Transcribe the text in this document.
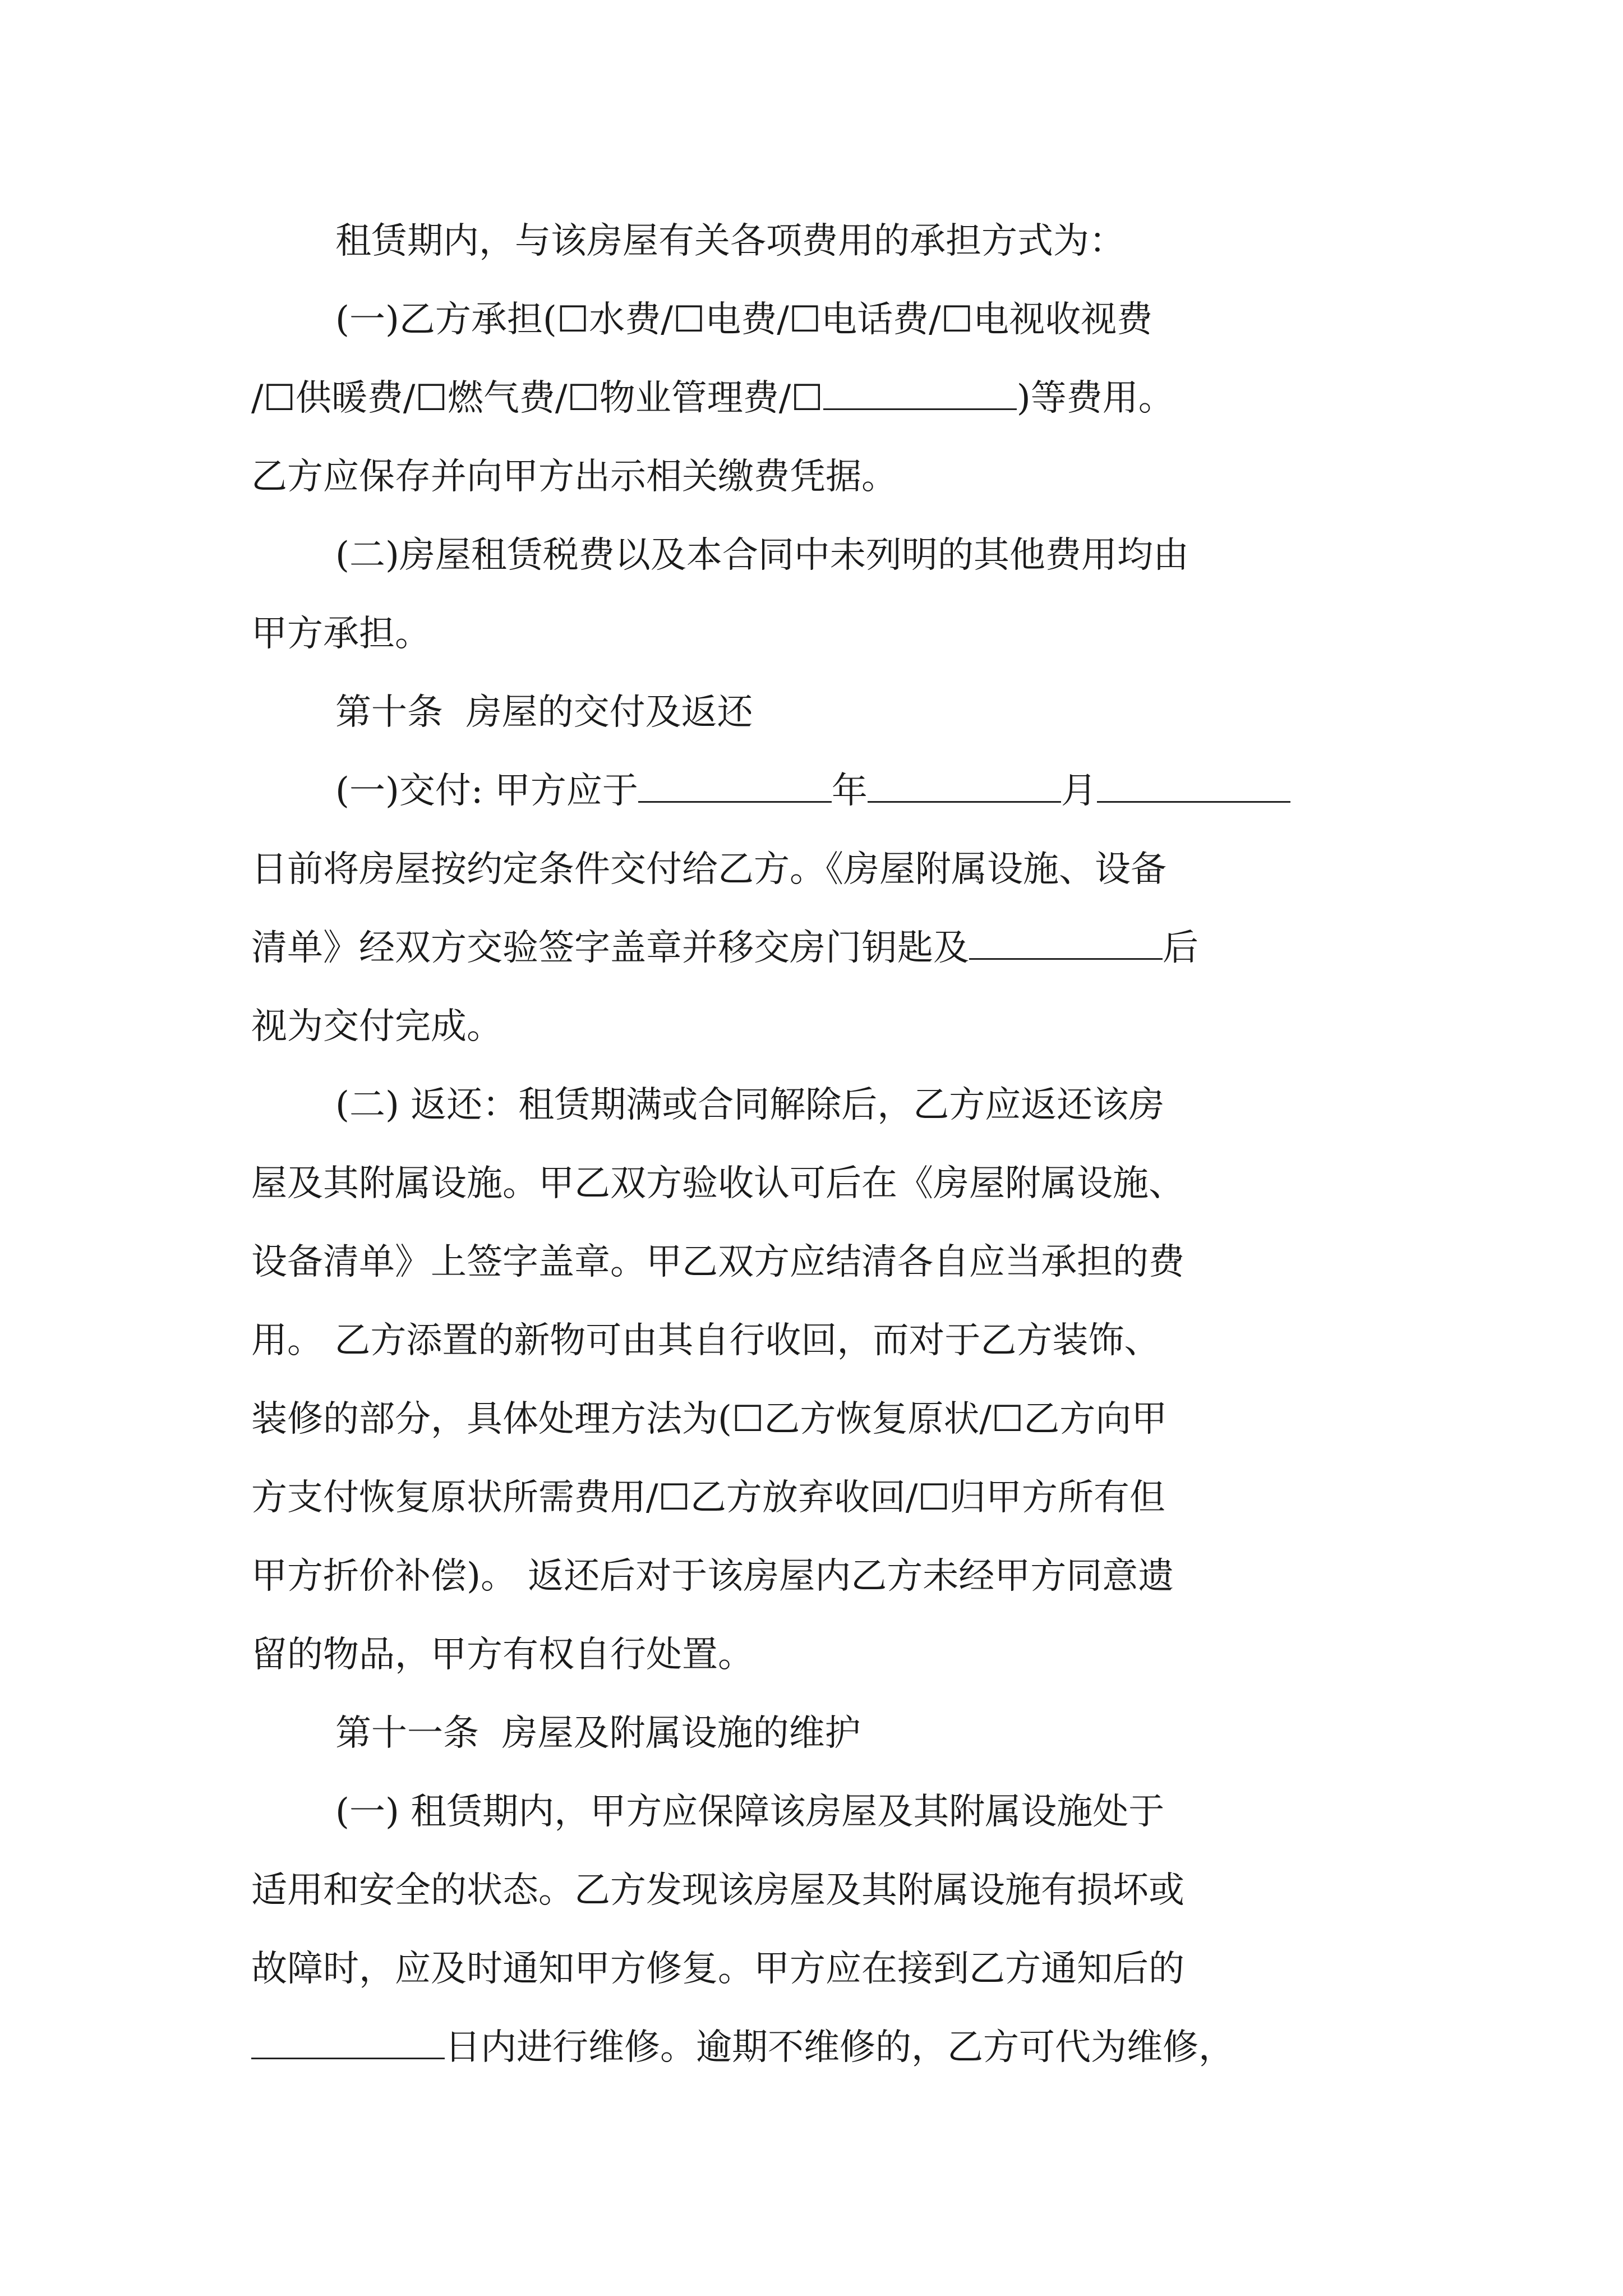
租赁期内，与该房屋有关各项费用的承担方式为：
(一)乙方承担(☐水费/☐电费/☐电话费/☐电视收视费
/☐供暖费/☐燃气费/☐物业管理费/☐	)等费用。
乙方应保存并向甲方出示相关缴费凭据。
(二)房屋租赁税费以及本合同中未列明的其他费用均由
甲方承担。
第十条  房屋的交付及返还
(一)交付: 甲方应于	年	月
日前将房屋按约定条件交付给乙方。《房屋附属设施、设备
清单》经双方交验签字盖章并移交房门钥匙及	后
视为交付完成。
(二) 返还：租赁期满或合同解除后，乙方应返还该房
屋及其附属设施。甲乙双方验收认可后在《房屋附属设施、
设备清单》上签字盖章。甲乙双方应结清各自应当承担的费
用。 乙方添置的新物可由其自行收回，而对于乙方装饰、
装修的部分，具体处理方法为(☐乙方恢复原状/☐乙方向甲
方支付恢复原状所需费用/☐乙方放弃收回/☐归甲方所有但
甲方折价补偿)。 返还后对于该房屋内乙方未经甲方同意遗
留的物品，甲方有权自行处置。
第十一条  房屋及附属设施的维护
(一) 租赁期内，甲方应保障该房屋及其附属设施处于
适用和安全的状态。乙方发现该房屋及其附属设施有损坏或
故障时，应及时通知甲方修复。甲方应在接到乙方通知后的
日内进行维修。逾期不维修的，乙方可代为维修，
